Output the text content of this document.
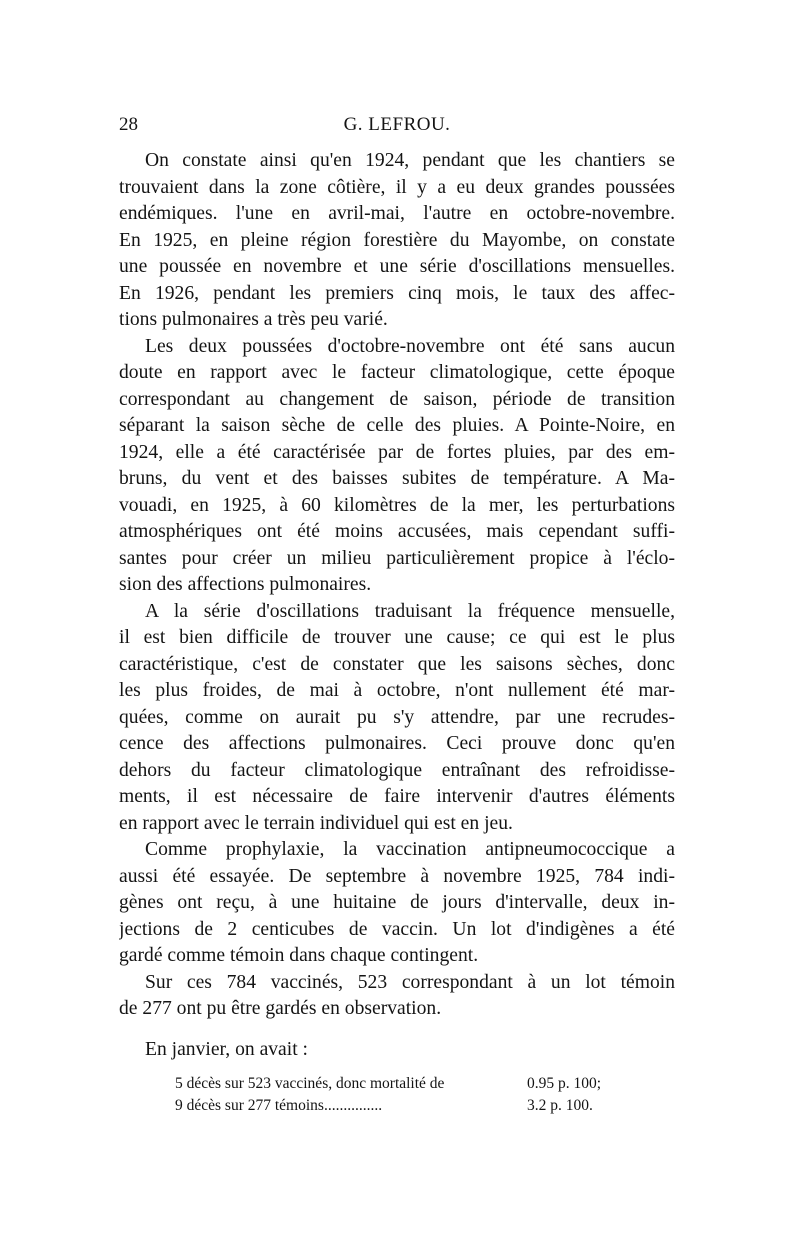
28	G. LEFROU.
On constate ainsi qu'en 1924, pendant que les chantiers se
trouvaient dans la zone côtière, il y a eu deux grandes poussées
endémiques. l'une en avril-mai, l'autre en octobre-novembre.
En 1925, en pleine région forestière du Mayombe, on constate
une poussée en novembre et une série d'oscillations mensuelles.
En 1926, pendant les premiers cinq mois, le taux des affec-
tions pulmonaires a très peu varié.
Les deux poussées d'octobre-novembre ont été sans aucun
doute en rapport avec le facteur climatologique, cette époque
correspondant au changement de saison, période de transition
séparant la saison sèche de celle des pluies. A Pointe-Noire, en
1924, elle a été caractérisée par de fortes pluies, par des em-
bruns, du vent et des baisses subites de température. A Ma-
vouadi, en 1925, à 60 kilomètres de la mer, les perturbations
atmosphériques ont été moins accusées, mais cependant suffi-
santes pour créer un milieu particulièrement propice à l'éclo-
sion des affections pulmonaires.
A la série d'oscillations traduisant la fréquence mensuelle,
il est bien difficile de trouver une cause; ce qui est le plus
caractéristique, c'est de constater que les saisons sèches, donc
les plus froides, de mai à octobre, n'ont nullement été mar-
quées, comme on aurait pu s'y attendre, par une recrudes-
cence des affections pulmonaires. Ceci prouve donc qu'en
dehors du facteur climatologique entraînant des refroidisse-
ments, il est nécessaire de faire intervenir d'autres éléments
en rapport avec le terrain individuel qui est en jeu.
Comme prophylaxie, la vaccination antipneumococcique a
aussi été essayée. De septembre à novembre 1925, 784 indi-
gènes ont reçu, à une huitaine de jours d'intervalle, deux in-
jections de 2 centicubes de vaccin. Un lot d'indigènes a été
gardé comme témoin dans chaque contingent.
Sur ces 784 vaccinés, 523 correspondant à un lot témoin
de 277 ont pu être gardés en observation.
En janvier, on avait :
5 décès sur 523 vaccinés, donc mortalité de	0.95 p. 100;
9 décès sur 277 témoins...............	3.2 p. 100.
